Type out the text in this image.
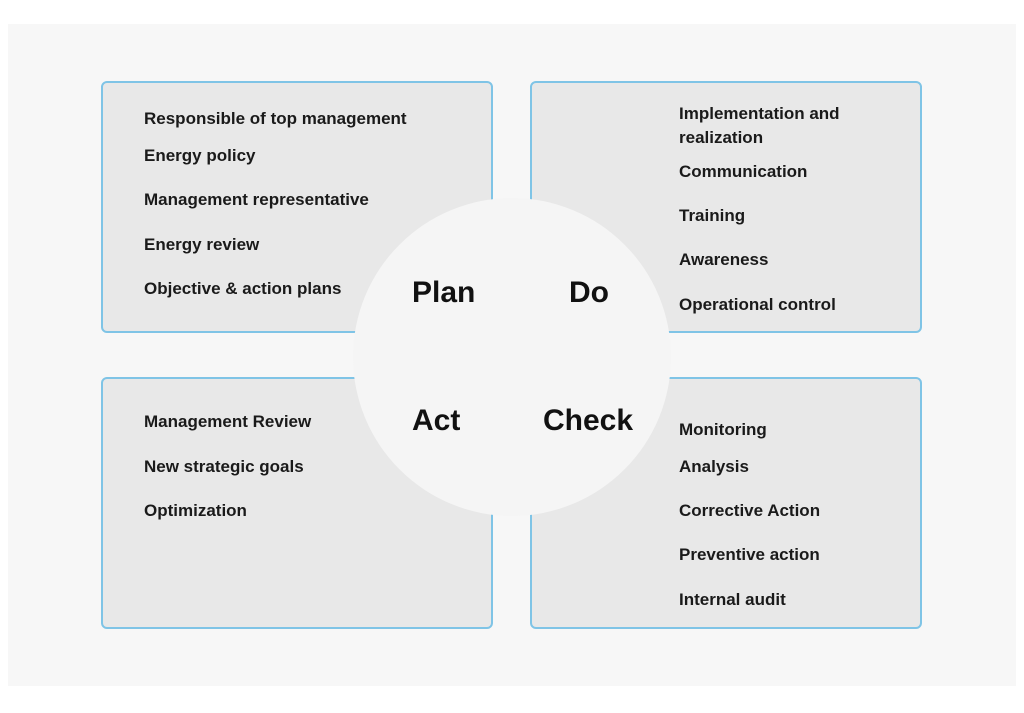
Responsible of top management

Energy policy

Management representative

Energy review

Objective & action plans

Implementation and realization

Communication

Training

Awareness

Operational control

Management Review

New strategic goals

Optimization

Monitoring

Analysis

Corrective Action

Preventive action

Internal audit

Plan	Do
Act	Check
